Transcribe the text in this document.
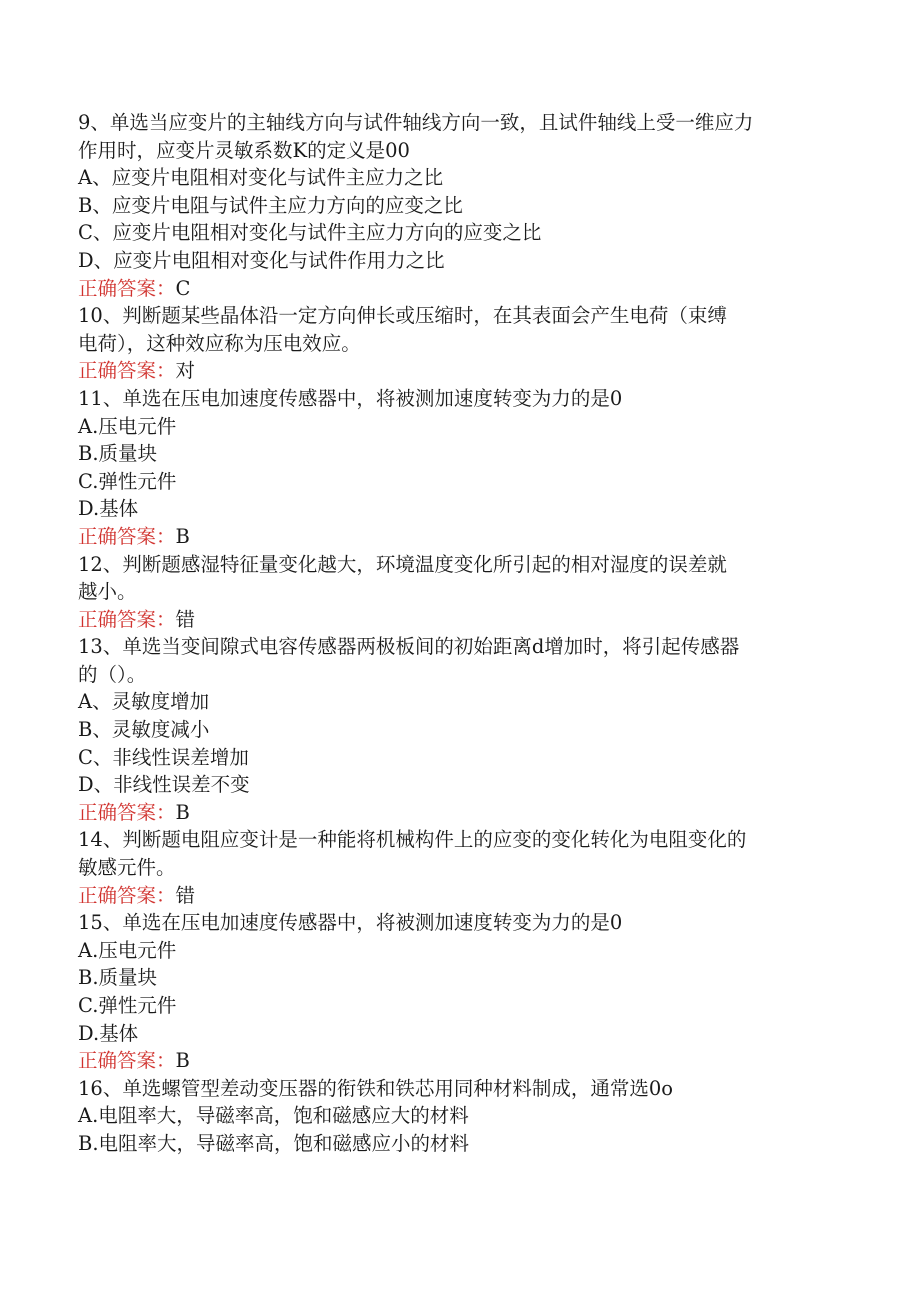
9、单选当应变片的主轴线方向与试件轴线方向一致，且试件轴线上受一维应力

作用时，应变片灵敏系数K的定义是00

A、应变片电阻相对变化与试件主应力之比

B、应变片电阻与试件主应力方向的应变之比

C、应变片电阻相对变化与试件主应力方向的应变之比

D、应变片电阻相对变化与试件作用力之比

正确答案：C

10、判断题某些晶体沿一定方向伸长或压缩时，在其表面会产生电荷（束缚

电荷），这种效应称为压电效应。

正确答案：对

11、单选在压电加速度传感器中，将被测加速度转变为力的是0

A.压电元件

B.质量块

C.弹性元件

D.基体

正确答案：B

12、判断题感湿特征量变化越大，环境温度变化所引起的相对湿度的误差就

越小。

正确答案：错

13、单选当变间隙式电容传感器两极板间的初始距离d增加时，将引起传感器

的（）。

A、灵敏度增加

B、灵敏度减小

C、非线性误差增加

D、非线性误差不变

正确答案：B

14、判断题电阻应变计是一种能将机械构件上的应变的变化转化为电阻变化的

敏感元件。

正确答案：错

15、单选在压电加速度传感器中，将被测加速度转变为力的是0

A.压电元件

B.质量块

C.弹性元件

D.基体

正确答案：B

16、单选螺管型差动变压器的衔铁和铁芯用同种材料制成，通常选0o

A.电阻率大，导磁率高，饱和磁感应大的材料

B.电阻率大，导磁率高，饱和磁感应小的材料
